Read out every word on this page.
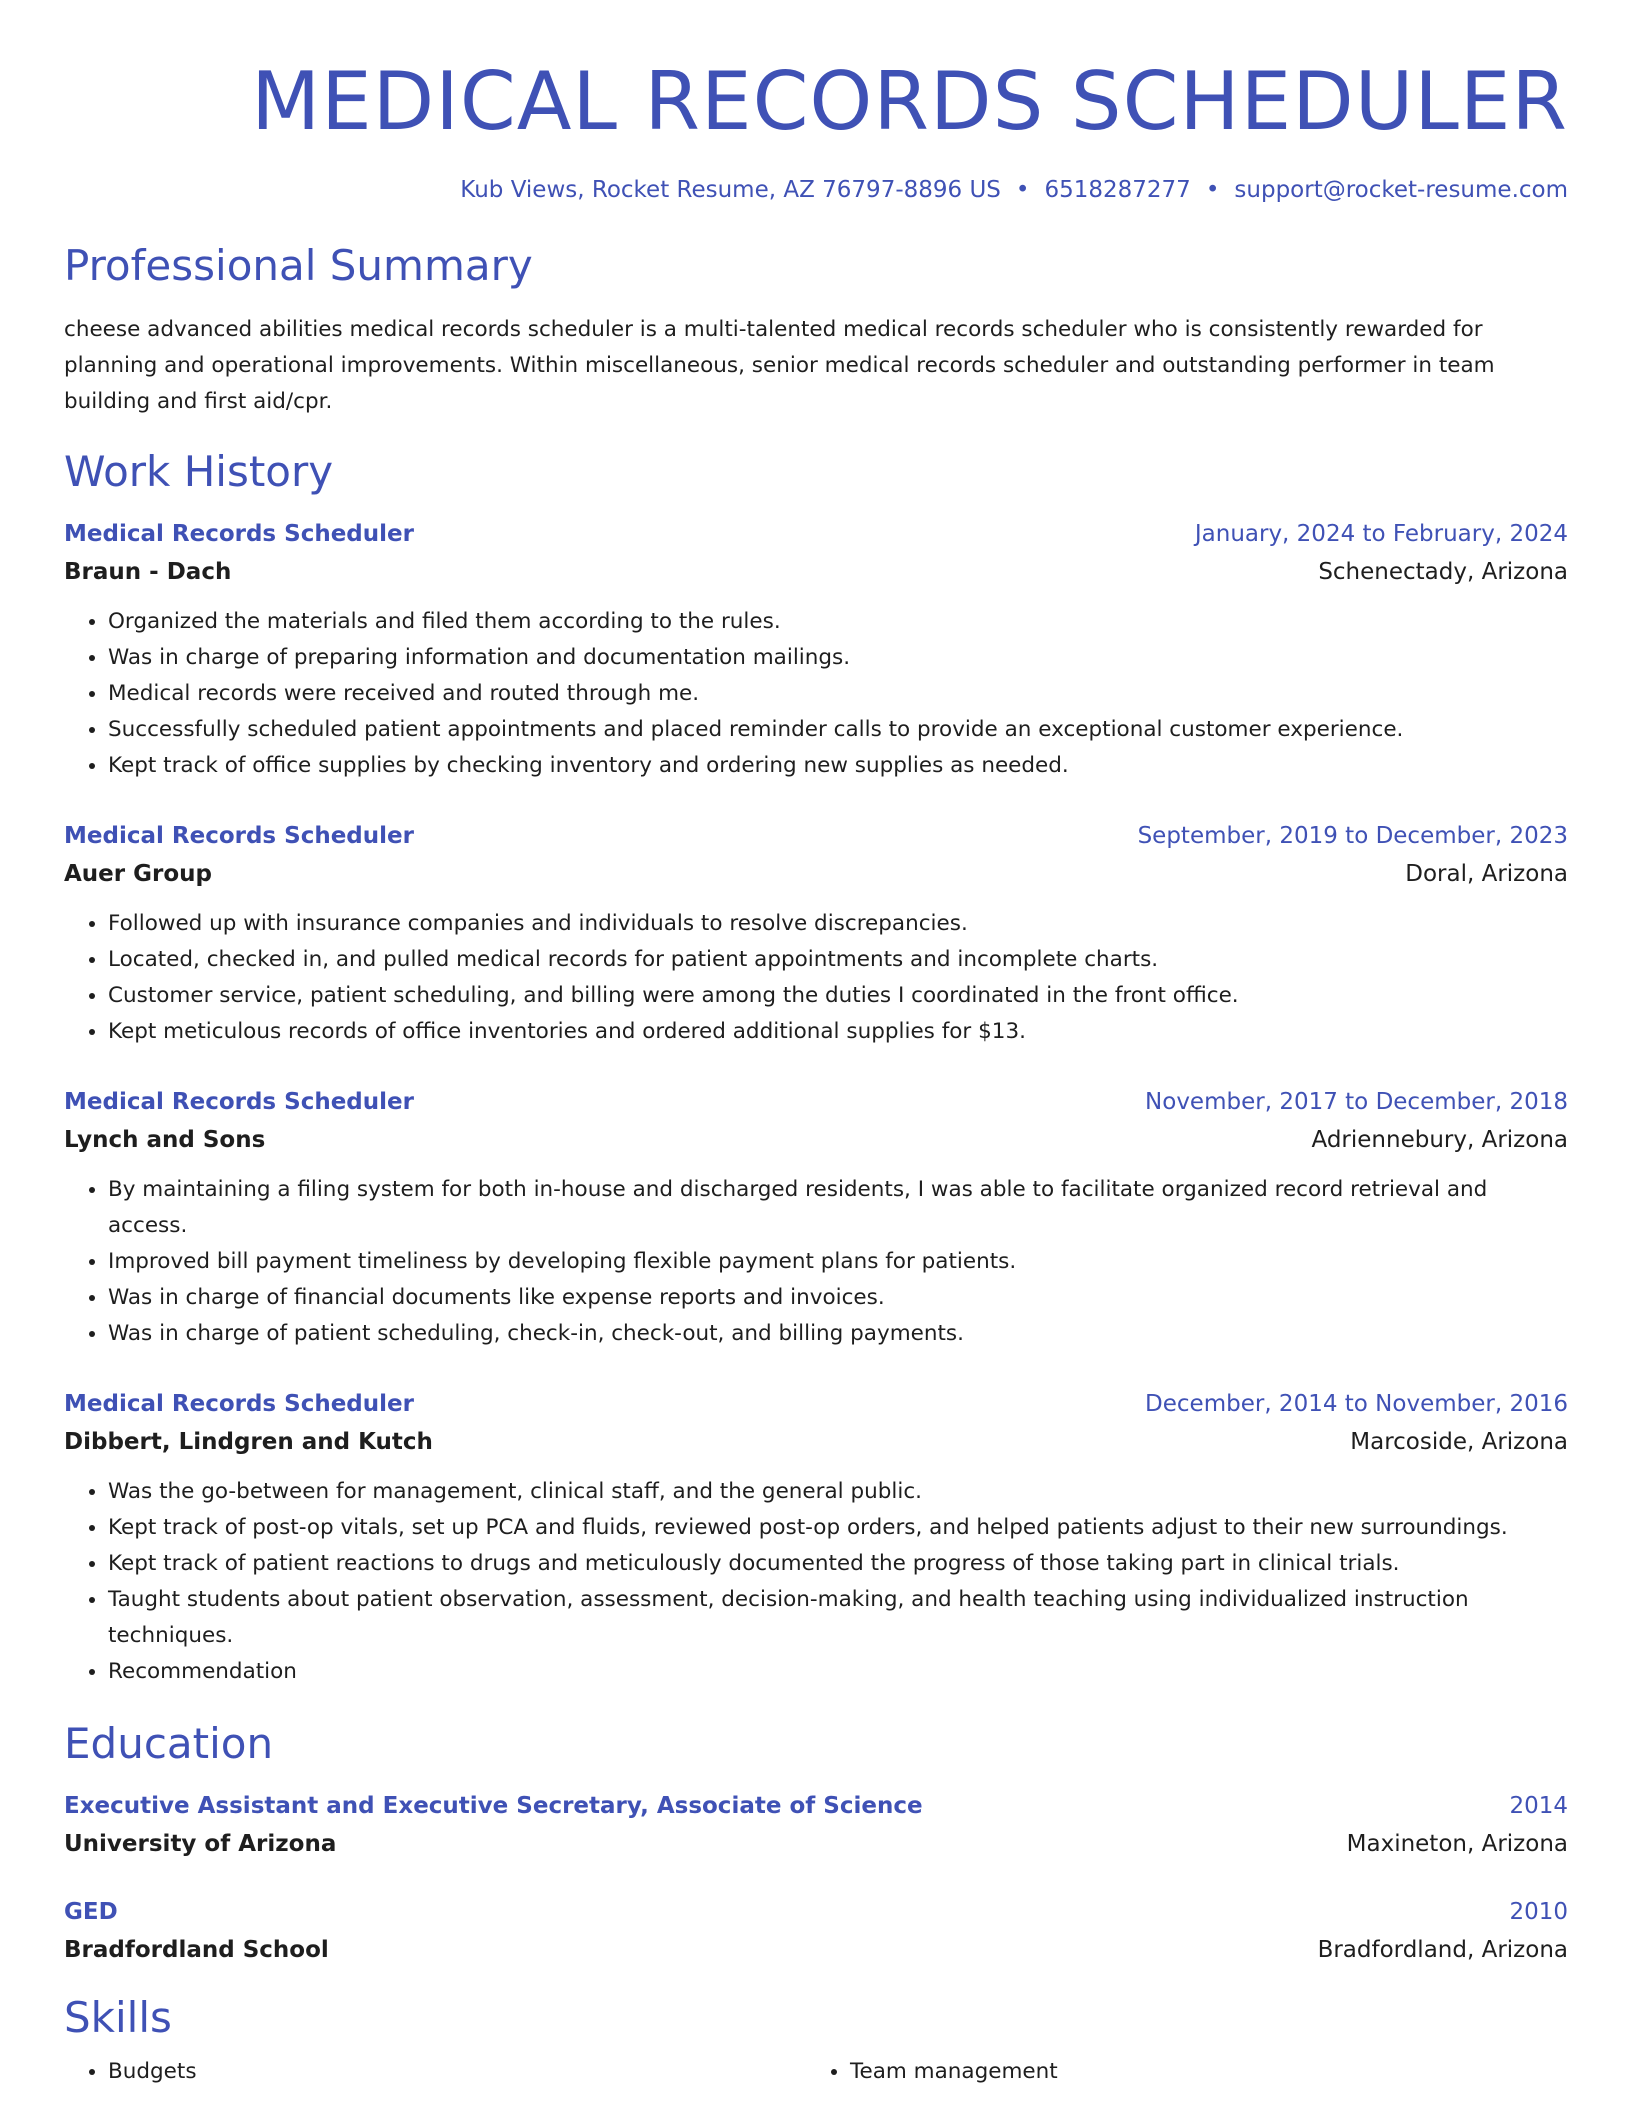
MEDICAL RECORDS SCHEDULER
Kub Views, Rocket Resume, AZ 76797-8896 US • 6518287277 • support@rocket-resume.com
Professional Summary
cheese advanced abilities medical records scheduler is a multi-talented medical records scheduler who is consistently rewarded for planning and operational improvements. Within miscellaneous, senior medical records scheduler and outstanding performer in team building and first aid/cpr.
Work History
Medical Records Scheduler	January, 2024 to February, 2024
Braun - Dach	Schenectady, Arizona
• Organized the materials and filed them according to the rules.
• Was in charge of preparing information and documentation mailings.
• Medical records were received and routed through me.
• Successfully scheduled patient appointments and placed reminder calls to provide an exceptional customer experience.
• Kept track of office supplies by checking inventory and ordering new supplies as needed.
Medical Records Scheduler	September, 2019 to December, 2023
Auer Group	Doral, Arizona
• Followed up with insurance companies and individuals to resolve discrepancies.
• Located, checked in, and pulled medical records for patient appointments and incomplete charts.
• Customer service, patient scheduling, and billing were among the duties I coordinated in the front office.
• Kept meticulous records of office inventories and ordered additional supplies for $13.
Medical Records Scheduler	November, 2017 to December, 2018
Lynch and Sons	Adriennebury, Arizona
• By maintaining a filing system for both in-house and discharged residents, I was able to facilitate organized record retrieval and access.
• Improved bill payment timeliness by developing flexible payment plans for patients.
• Was in charge of financial documents like expense reports and invoices.
• Was in charge of patient scheduling, check-in, check-out, and billing payments.
Medical Records Scheduler	December, 2014 to November, 2016
Dibbert, Lindgren and Kutch	Marcoside, Arizona
• Was the go-between for management, clinical staff, and the general public.
• Kept track of post-op vitals, set up PCA and fluids, reviewed post-op orders, and helped patients adjust to their new surroundings.
• Kept track of patient reactions to drugs and meticulously documented the progress of those taking part in clinical trials.
• Taught students about patient observation, assessment, decision-making, and health teaching using individualized instruction techniques.
• Recommendation
Education
Executive Assistant and Executive Secretary, Associate of Science	2014
University of Arizona	Maxineton, Arizona
GED	2010
Bradfordland School	Bradfordland, Arizona
Skills
• Budgets
•	Team management
